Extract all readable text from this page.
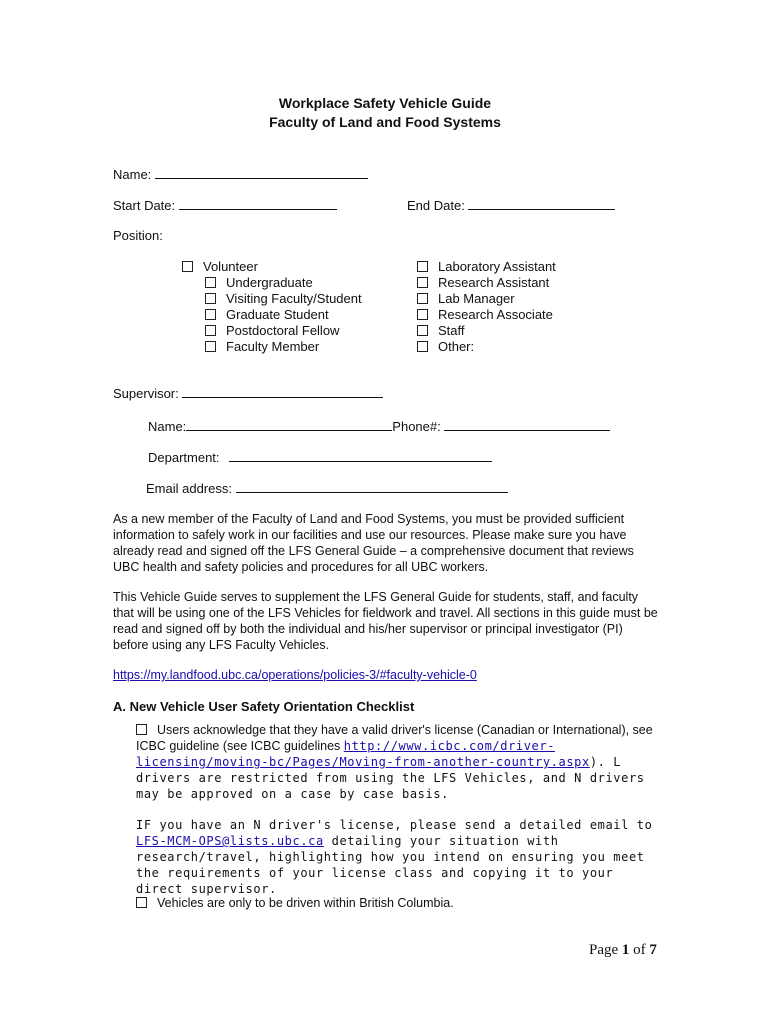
Workplace Safety Vehicle Guide
Faculty of Land and Food Systems
Name:
Start Date:	End Date:
Position:
Volunteer
Undergraduate
Visiting Faculty/Student
Graduate Student
Postdoctoral Fellow
Faculty Member
Laboratory Assistant
Research Assistant
Lab Manager
Research Associate
Staff
Other:
Supervisor:
Name:	Phone#:
Department:
Email address:
As a new member of the Faculty of Land and Food Systems, you must be provided sufficient information to safely work in our facilities and use our resources. Please make sure you have already read and signed off the LFS General Guide – a comprehensive document that reviews UBC health and safety policies and procedures for all UBC workers.
This Vehicle Guide serves to supplement the LFS General Guide for students, staff, and faculty that will be using one of the LFS Vehicles for fieldwork and travel. All sections in this guide must be read and signed off by both the individual and his/her supervisor or principal investigator (PI) before using any LFS Faculty Vehicles.
https://my.landfood.ubc.ca/operations/policies-3/#faculty-vehicle-0
A. New Vehicle User Safety Orientation Checklist
Users acknowledge that they have a valid driver's license (Canadian or International), see ICBC guideline (see ICBC guidelines http://www.icbc.com/driver-licensing/moving-bc/Pages/Moving-from-another-country.aspx). L drivers are restricted from using the LFS Vehicles, and N drivers may be approved on a case by case basis.
IF you have an N driver's license, please send a detailed email to LFS-MCM-OPS@lists.ubc.ca detailing your situation with research/travel, highlighting how you intend on ensuring you meet the requirements of your license class and copying it to your direct supervisor.
Vehicles are only to be driven within British Columbia.
Page 1 of 7
